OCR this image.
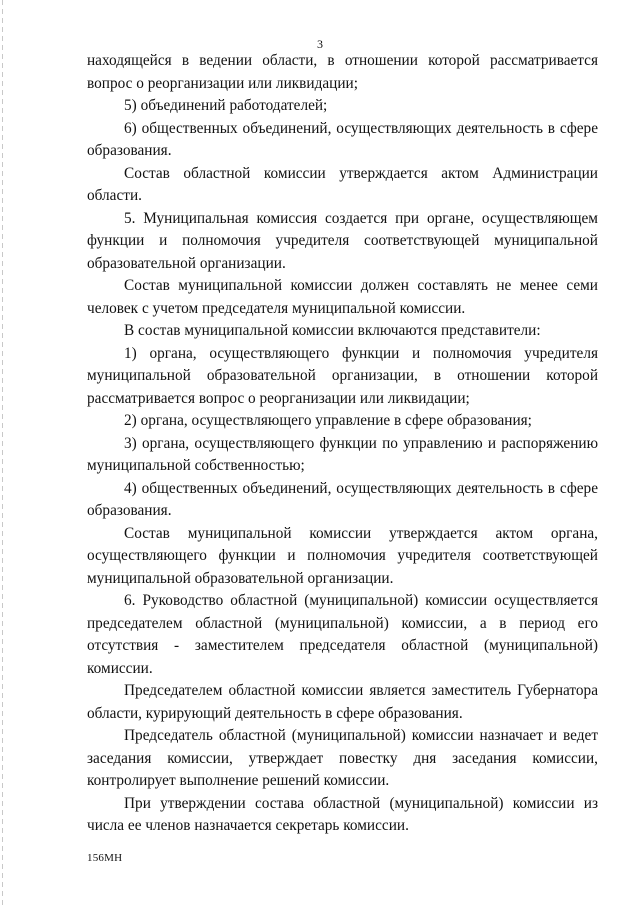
3

находящейся в ведении области, в отношении которой рассматривается вопрос о реорганизации или ликвидации;

5) объединений работодателей;

6) общественных объединений, осуществляющих деятельность в сфере образования.

Состав областной комиссии утверждается актом Администрации области.

5. Муниципальная комиссия создается при органе, осуществляющем функции и полномочия учредителя соответствующей муниципальной образовательной организации.

Состав муниципальной комиссии должен составлять не менее семи человек с учетом председателя муниципальной комиссии.

В состав муниципальной комиссии включаются представители:

1) органа, осуществляющего функции и полномочия учредителя муниципальной образовательной организации, в отношении которой рассматривается вопрос о реорганизации или ликвидации;

2) органа, осуществляющего управление в сфере образования;

3) органа, осуществляющего функции по управлению и распоряжению муниципальной собственностью;

4) общественных объединений, осуществляющих деятельность в сфере образования.

Состав муниципальной комиссии утверждается актом органа, осуществляющего функции и полномочия учредителя соответствующей муниципальной образовательной организации.

6. Руководство областной (муниципальной) комиссии осуществляется председателем областной (муниципальной) комиссии, а в период его отсутствия - заместителем председателя областной (муниципальной) комиссии.

Председателем областной комиссии является заместитель Губернатора области, курирующий деятельность в сфере образования.

Председатель областной (муниципальной) комиссии назначает и ведет заседания комиссии, утверждает повестку дня заседания комиссии, контролирует выполнение решений комиссии.

При утверждении состава областной (муниципальной) комиссии из числа ее членов назначается секретарь комиссии.

156МН
